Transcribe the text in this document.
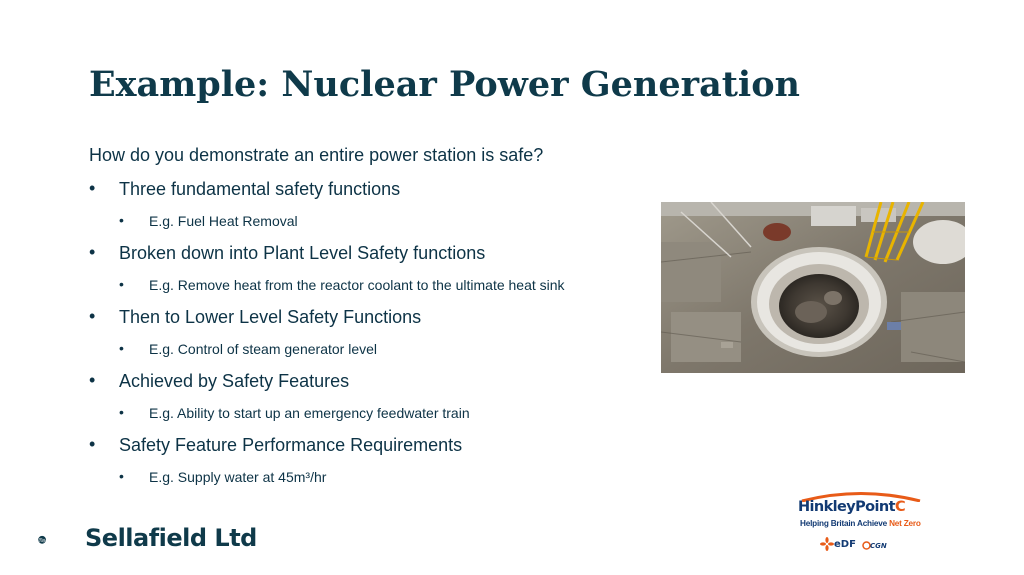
Example: Nuclear Power Generation
How do you demonstrate an entire power station is safe?
• Three fundamental safety functions
• E.g. Fuel Heat Removal
• Broken down into Plant Level Safety functions
• E.g. Remove heat from the reactor coolant to the ultimate heat sink
• Then to Lower Level Safety Functions
• E.g. Control of steam generator level
• Achieved by Safety Features
• E.g. Ability to start up an emergency feedwater train
• Safety Feature Performance Requirements
• E.g. Supply water at 45m³/hr
Sellafield Ltd
HinkleyPointC
Helping Britain Achieve Net Zero
eDF CGN
